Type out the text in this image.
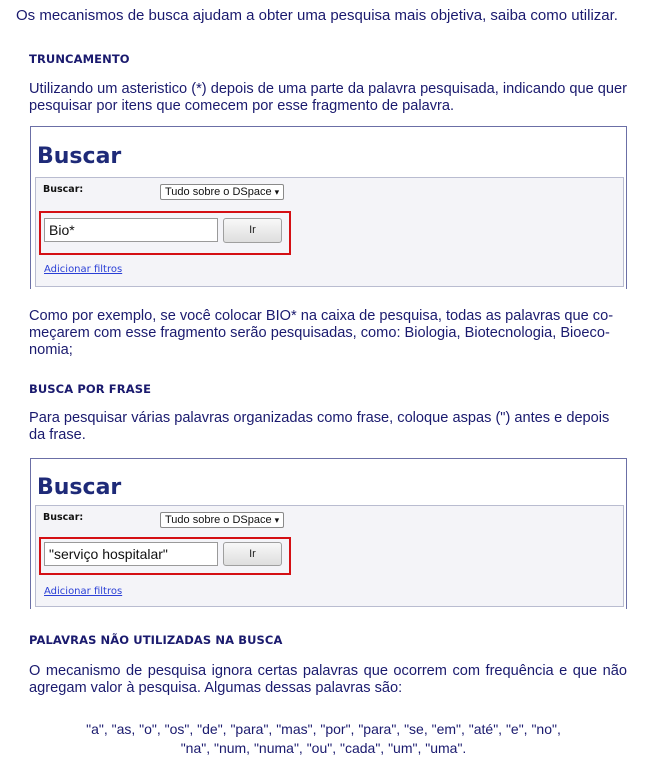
Os mecanismos de busca ajudam a obter uma pesquisa mais objetiva, saiba como utilizar.
TRUNCAMENTO
Utilizando um asteristico (*) depois de uma parte da palavra pesquisada, indicando que quer pesquisar por itens que comecem por esse fragmento de palavra.
Buscar
Buscar:	Tudo sobre o DSpace ▾
Bio*	Ir
Adicionar filtros
Como por exemplo, se você colocar BIO* na caixa de pesquisa, todas as palavras que co-
meçarem com esse fragmento serão pesquisadas, como: Biologia, Biotecnologia, Bioeco-
nomia;
BUSCA POR FRASE
Para pesquisar várias palavras organizadas como frase, coloque aspas (") antes e depois da frase.
Buscar
Buscar:	Tudo sobre o DSpace ▾
"serviço hospitalar"	Ir
Adicionar filtros
PALAVRAS NÃO UTILIZADAS NA BUSCA
O mecanismo de pesquisa ignora certas palavras que ocorrem com frequência e que não agregam valor à pesquisa. Algumas dessas palavras são:
"a", "as, "o", "os", "de", "para", "mas", "por", "para", "se, "em", "até", "e", "no",
"na", "num, "numa", "ou", "cada", "um", "uma".
